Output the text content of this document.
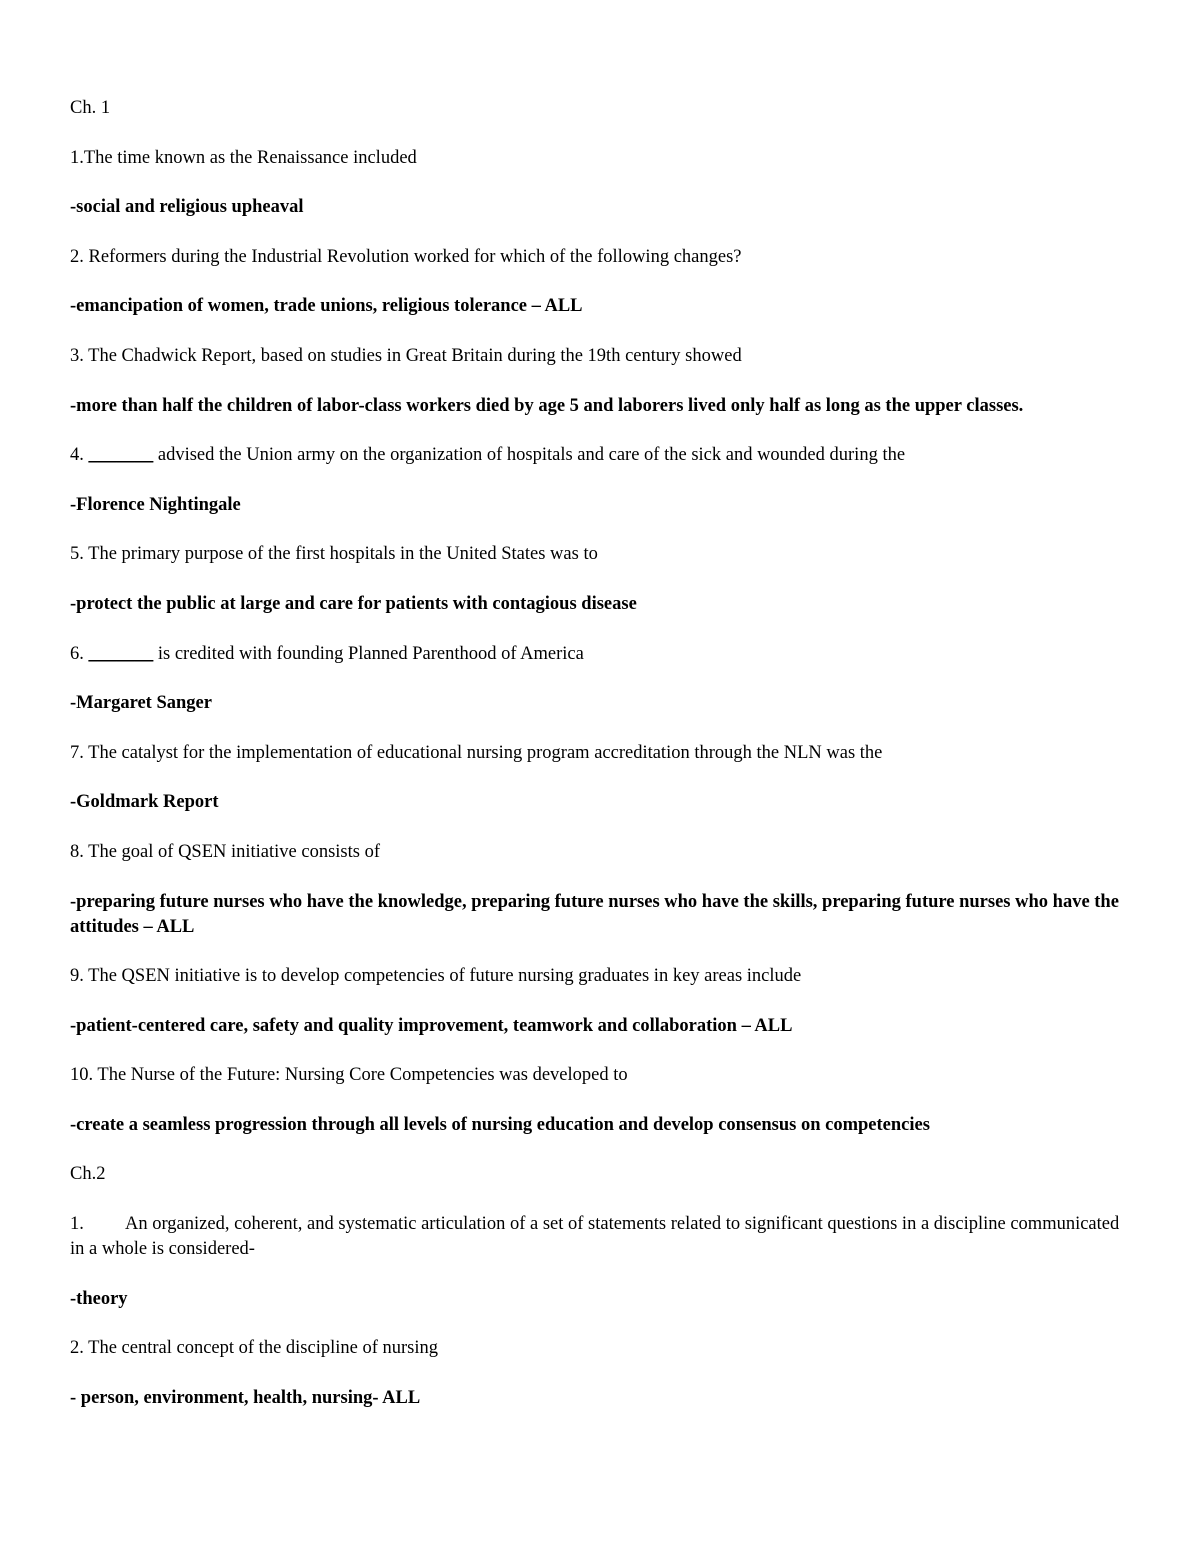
Ch. 1
1.The time known as the Renaissance included
-social and religious upheaval
2. Reformers during the Industrial Revolution worked for which of the following changes?
-emancipation of women, trade unions, religious tolerance – ALL
3. The Chadwick Report, based on studies in Great Britain during the 19th century showed
-more than half the children of labor-class workers died by age 5 and laborers lived only half as long as the upper classes.
4. _______ advised the Union army on the organization of hospitals and care of the sick and wounded during the
-Florence Nightingale
5. The primary purpose of the first hospitals in the United States was to
-protect the public at large and care for patients with contagious disease
6. _______ is credited with founding Planned Parenthood of America
-Margaret Sanger
7. The catalyst for the implementation of educational nursing program accreditation through the NLN was the
-Goldmark Report
8. The goal of QSEN initiative consists of
-preparing future nurses who have the knowledge, preparing future nurses who have the skills, preparing future nurses who have the attitudes – ALL
9. The QSEN initiative is to develop competencies of future nursing graduates in key areas include
-patient-centered care, safety and quality improvement, teamwork and collaboration – ALL
10. The Nurse of the Future: Nursing Core Competencies was developed to
-create a seamless progression through all levels of nursing education and develop consensus on competencies
Ch.2
1. An organized, coherent, and systematic articulation of a set of statements related to significant questions in a discipline communicated in a whole is considered-
-theory
2. The central concept of the discipline of nursing
- person, environment, health, nursing- ALL
